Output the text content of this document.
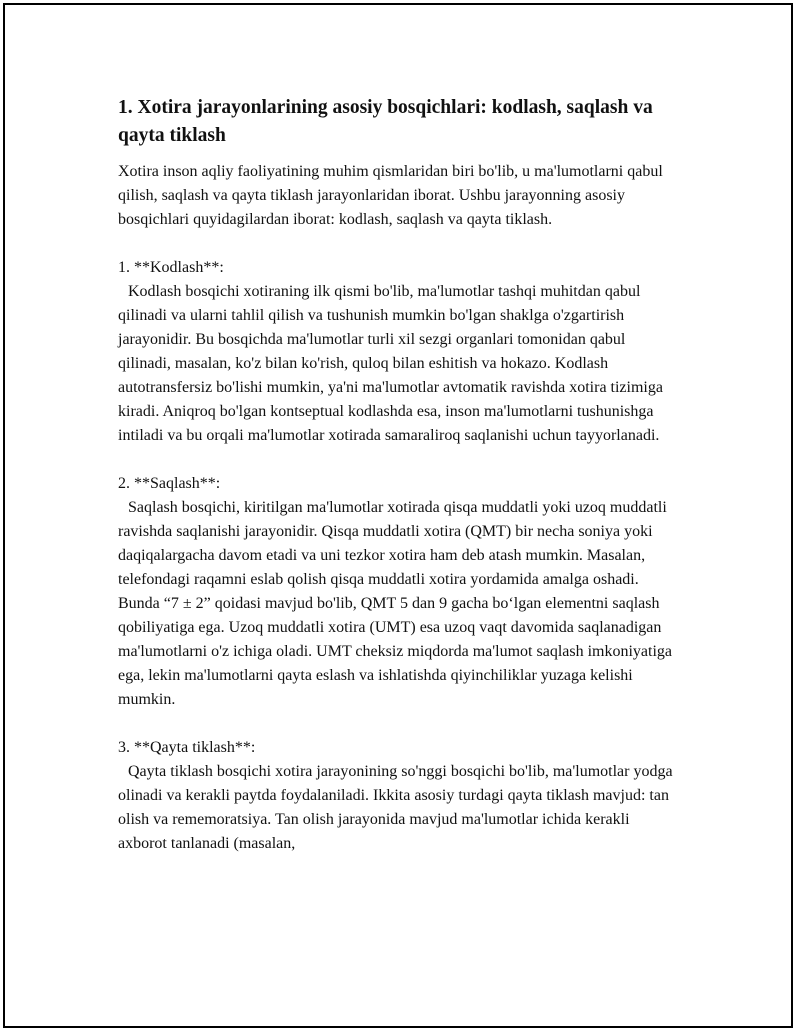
1. Xotira jarayonlarining asosiy bosqichlari: kodlash, saqlash va qayta tiklash

Xotira inson aqliy faoliyatining muhim qismlaridan biri bo'lib, u ma'lumotlarni qabul qilish, saqlash va qayta tiklash jarayonlaridan iborat. Ushbu jarayonning asosiy bosqichlari quyidagilardan iborat: kodlash, saqlash va qayta tiklash.

1. **Kodlash**:

Kodlash bosqichi xotiraning ilk qismi bo'lib, ma'lumotlar tashqi muhitdan qabul qilinadi va ularni tahlil qilish va tushunish mumkin bo'lgan shaklga o'zgartirish jarayonidir. Bu bosqichda ma'lumotlar turli xil sezgi organlari tomonidan qabul qilinadi, masalan, ko'z bilan ko'rish, quloq bilan eshitish va hokazo. Kodlash autotransfersiz bo'lishi mumkin, ya'ni ma'lumotlar avtomatik ravishda xotira tizimiga kiradi. Aniqroq bo'lgan kontseptual kodlashda esa, inson ma'lumotlarni tushunishga intiladi va bu orqali ma'lumotlar xotirada samaraliroq saqlanishi uchun tayyorlanadi.

2. **Saqlash**:

Saqlash bosqichi, kiritilgan ma'lumotlar xotirada qisqa muddatli yoki uzoq muddatli ravishda saqlanishi jarayonidir. Qisqa muddatli xotira (QMT) bir necha soniya yoki daqiqalargacha davom etadi va uni tezkor xotira ham deb atash mumkin. Masalan, telefondagi raqamni eslab qolish qisqa muddatli xotira yordamida amalga oshadi. Bunda “7 ± 2” qoidasi mavjud bo'lib, QMT 5 dan 9 gacha bo‘lgan elementni saqlash qobiliyatiga ega. Uzoq muddatli xotira (UMT) esa uzoq vaqt davomida saqlanadigan ma'lumotlarni o'z ichiga oladi. UMT cheksiz miqdorda ma'lumot saqlash imkoniyatiga ega, lekin ma'lumotlarni qayta eslash va ishlatishda qiyinchiliklar yuzaga kelishi mumkin.

3. **Qayta tiklash**:

Qayta tiklash bosqichi xotira jarayonining so'nggi bosqichi bo'lib, ma'lumotlar yodga olinadi va kerakli paytda foydalaniladi. Ikkita asosiy turdagi qayta tiklash mavjud: tan olish va rememoratsiya. Tan olish jarayonida mavjud ma'lumotlar ichida kerakli axborot tanlanadi (masalan,
